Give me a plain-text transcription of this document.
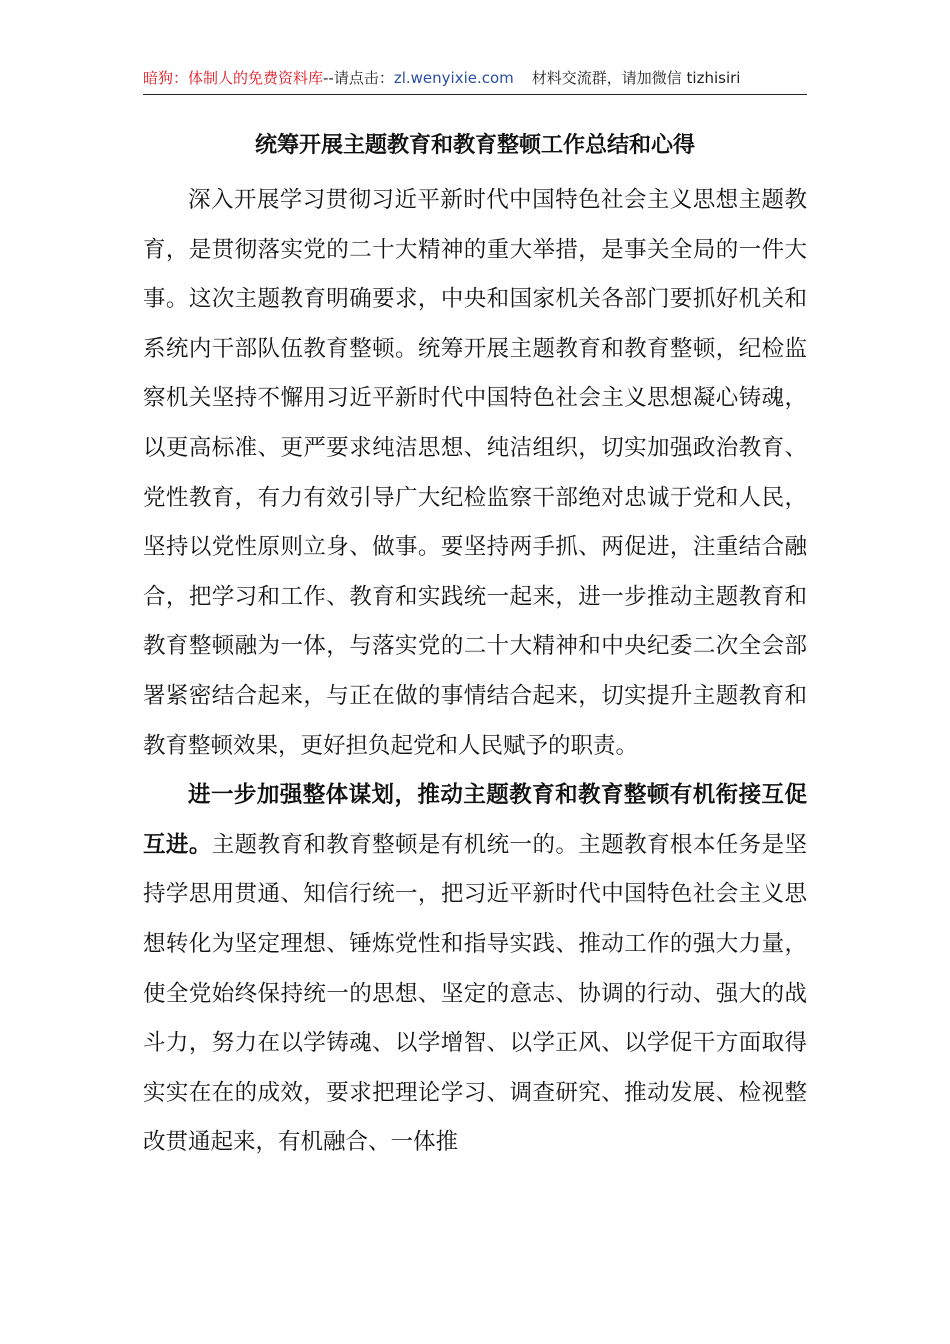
暗狗：体制人的免费资料库--请点击：zl.wenyixie.com 材料交流群，请加微信 tizhisiri
统筹开展主题教育和教育整顿工作总结和心得

深入开展学习贯彻习近平新时代中国特色社会主义思想主题教育，是贯彻落实党的二十大精神的重大举措，是事关全局的一件大事。这次主题教育明确要求，中央和国家机关各部门要抓好机关和系统内干部队伍教育整顿。统筹开展主题教育和教育整顿，纪检监察机关坚持不懈用习近平新时代中国特色社会主义思想凝心铸魂，以更高标准、更严要求纯洁思想、纯洁组织，切实加强政治教育、党性教育，有力有效引导广大纪检监察干部绝对忠诚于党和人民，坚持以党性原则立身、做事。要坚持两手抓、两促进，注重结合融合，把学习和工作、教育和实践统一起来，进一步推动主题教育和教育整顿融为一体，与落实党的二十大精神和中央纪委二次全会部署紧密结合起来，与正在做的事情结合起来，切实提升主题教育和教育整顿效果，更好担负起党和人民赋予的职责。

进一步加强整体谋划，推动主题教育和教育整顿有机衔接互促互进。主题教育和教育整顿是有机统一的。主题教育根本任务是坚持学思用贯通、知信行统一，把习近平新时代中国特色社会主义思想转化为坚定理想、锤炼党性和指导实践、推动工作的强大力量，使全党始终保持统一的思想、坚定的意志、协调的行动、强大的战斗力，努力在以学铸魂、以学增智、以学正风、以学促干方面取得实实在在的成效，要求把理论学习、调查研究、推动发展、检视整改贯通起来，有机融合、一体推
